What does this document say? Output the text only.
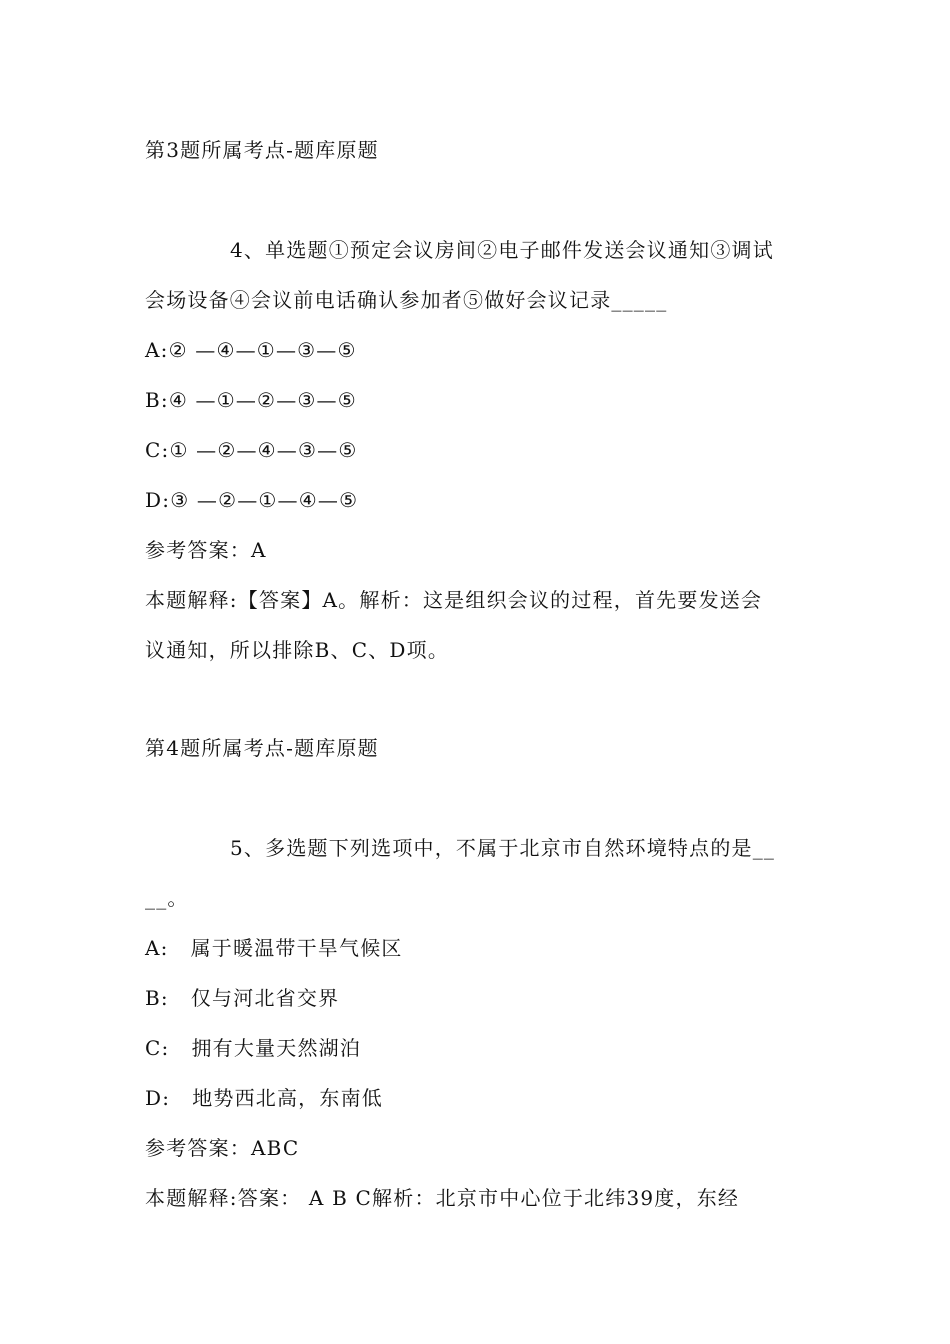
第3题所属考点-题库原题
4、单选题①预定会议房间②电子邮件发送会议通知③调试
会场设备④会议前电话确认参加者⑤做好会议记录_____
A:② —④—①—③—⑤
B:④ —①—②—③—⑤
C:① —②—④—③—⑤
D:③ —②—①—④—⑤
参考答案：A
本题解释:【答案】A。解析：这是组织会议的过程，首先要发送会
议通知，所以排除B、C、D项。
第4题所属考点-题库原题
5、多选题下列选项中，不属于北京市自然环境特点的是__
__。
A: 属于暖温带干旱气候区
B: 仅与河北省交界
C: 拥有大量天然湖泊
D: 地势西北高，东南低
参考答案：ABC
本题解释:答案： A B C解析：北京市中心位于北纬39度，东经
